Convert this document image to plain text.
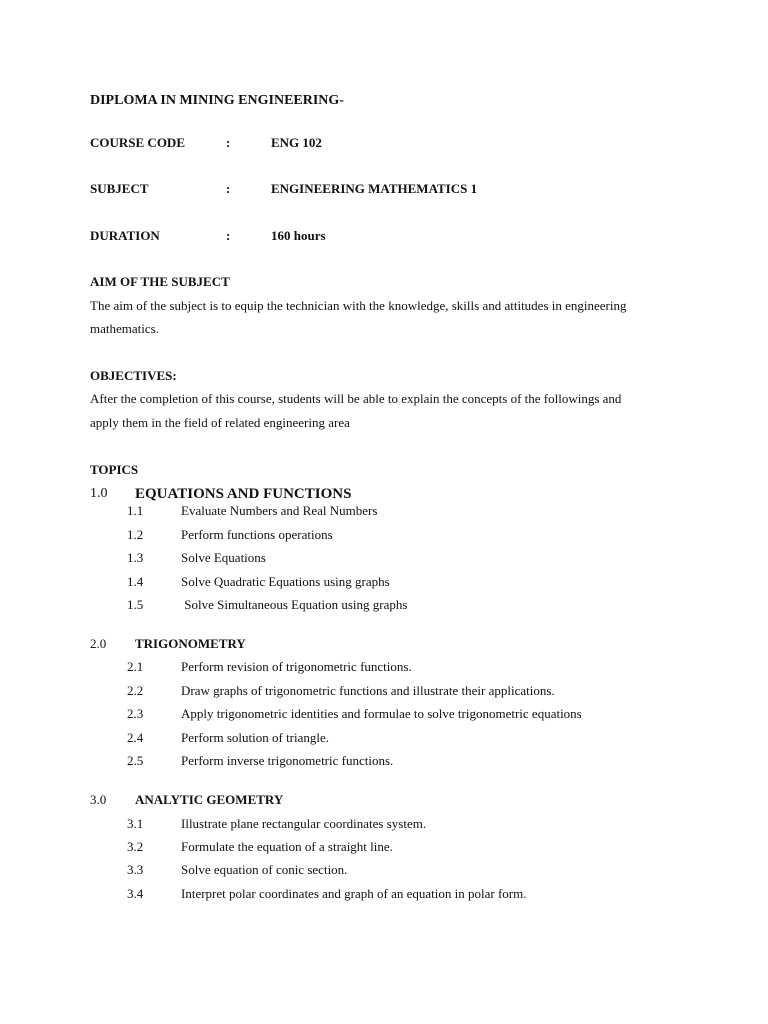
DIPLOMA IN MINING ENGINEERING-
COURSE CODE	:	ENG 102
SUBJECT	:	ENGINEERING MATHEMATICS 1
DURATION	:	160 hours
AIM OF THE SUBJECT
The aim of the subject is to equip the technician with the knowledge, skills and attitudes in engineering
mathematics.
OBJECTIVES:
After the completion of this course, students will be able to explain the concepts of the followings and
apply them in the field of related engineering area
TOPICS
1.0 EQUATIONS AND FUNCTIONS
1.1	Evaluate Numbers and Real Numbers
1.2	Perform functions operations
1.3	Solve Equations
1.4	Solve Quadratic Equations using graphs
1.5	Solve Simultaneous Equation using graphs
2.0 TRIGONOMETRY
2.1	Perform revision of trigonometric functions.
2.2	Draw graphs of trigonometric functions and illustrate their applications.
2.3	Apply trigonometric identities and formulae to solve trigonometric equations
2.4	Perform solution of triangle.
2.5	Perform inverse trigonometric functions.
3.0 ANALYTIC GEOMETRY
3.1	Illustrate plane rectangular coordinates system.
3.2	Formulate the equation of a straight line.
3.3	Solve equation of conic section.
3.4	Interpret polar coordinates and graph of an equation in polar form.
